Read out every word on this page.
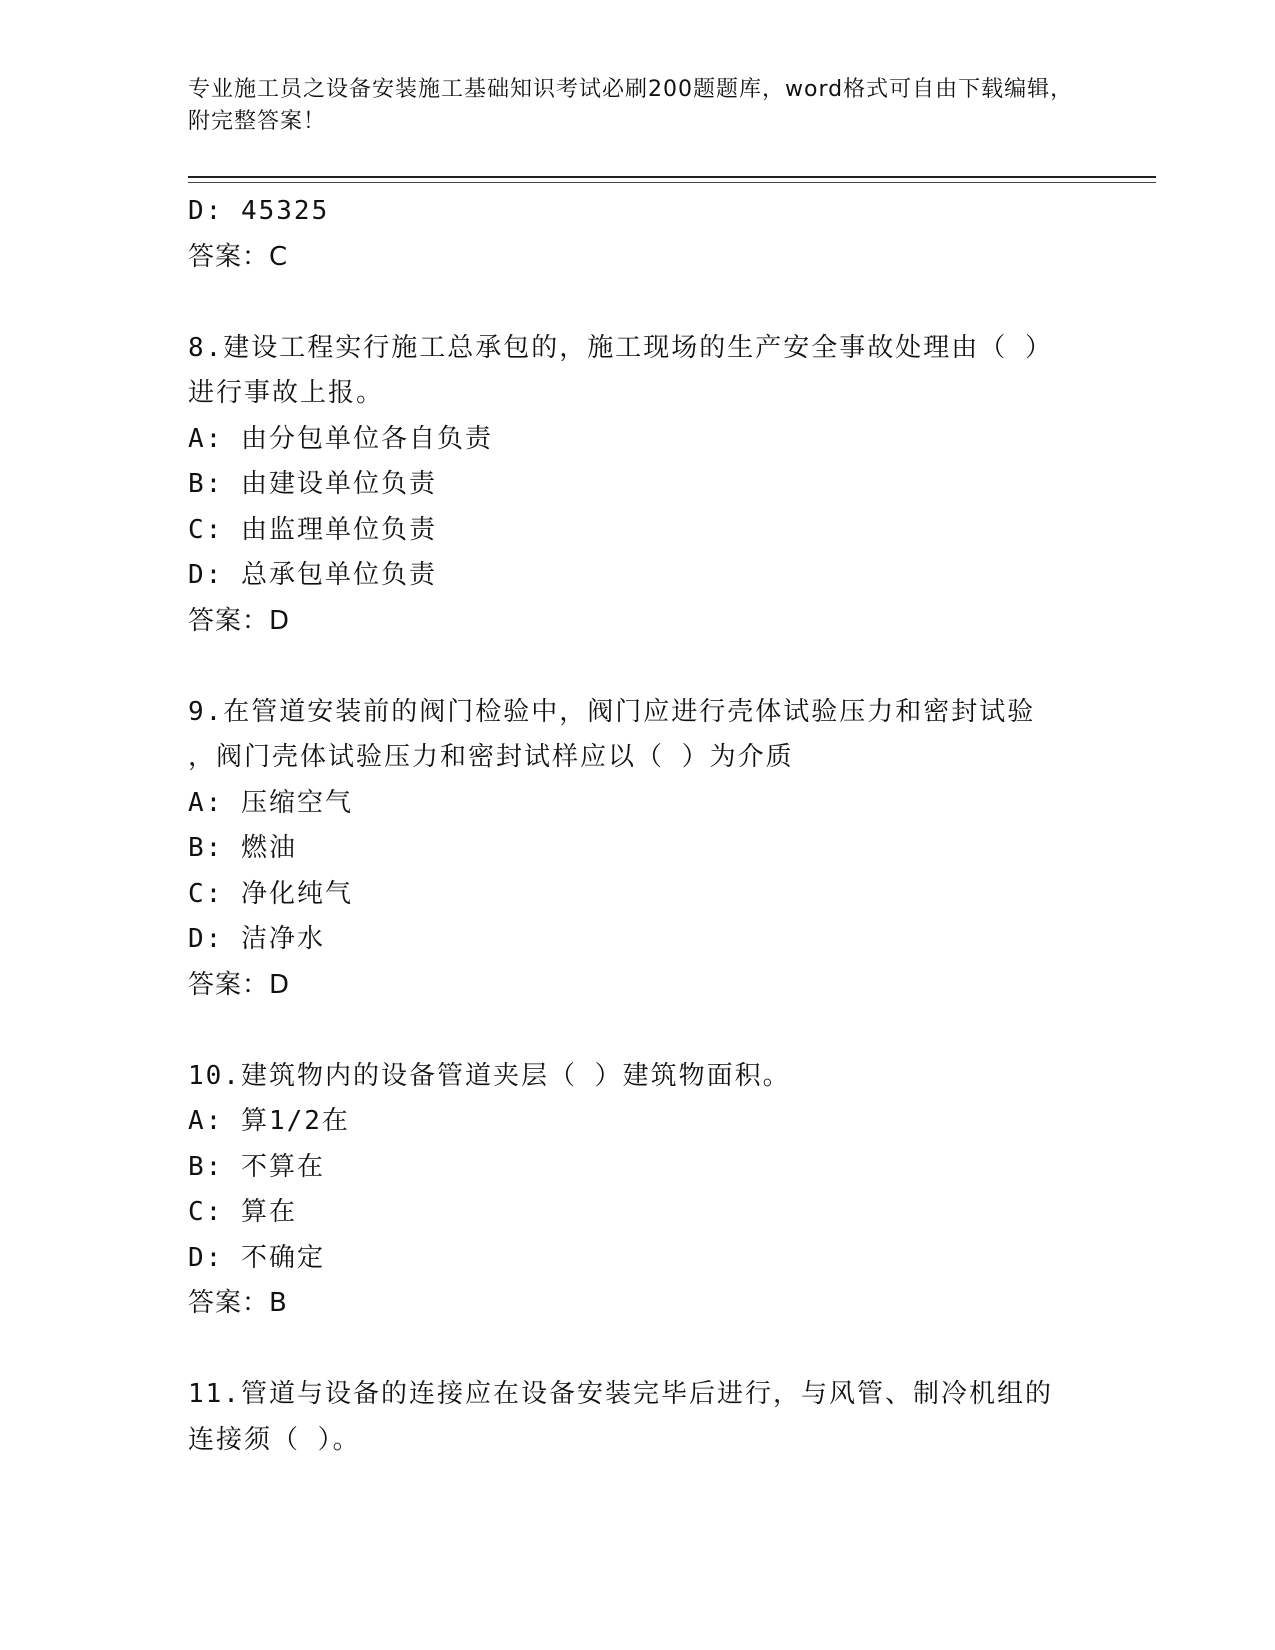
专业施工员之设备安装施工基础知识考试必刷200题题库，word格式可自由下载编辑，附完整答案！
D: 45325
答案：C
8.建设工程实行施工总承包的，施工现场的生产安全事故处理由（ ）
进行事故上报。
A: 由分包单位各自负责
B: 由建设单位负责
C: 由监理单位负责
D: 总承包单位负责
答案：D
9.在管道安装前的阀门检验中，阀门应进行壳体试验压力和密封试验
，阀门壳体试验压力和密封试样应以（ ）为介质
A: 压缩空气
B: 燃油
C: 净化纯气
D: 洁净水
答案：D
10.建筑物内的设备管道夹层（ ）建筑物面积。
A: 算1/2在
B: 不算在
C: 算在
D: 不确定
答案：B
11.管道与设备的连接应在设备安装完毕后进行，与风管、制冷机组的
连接须（ ）。
